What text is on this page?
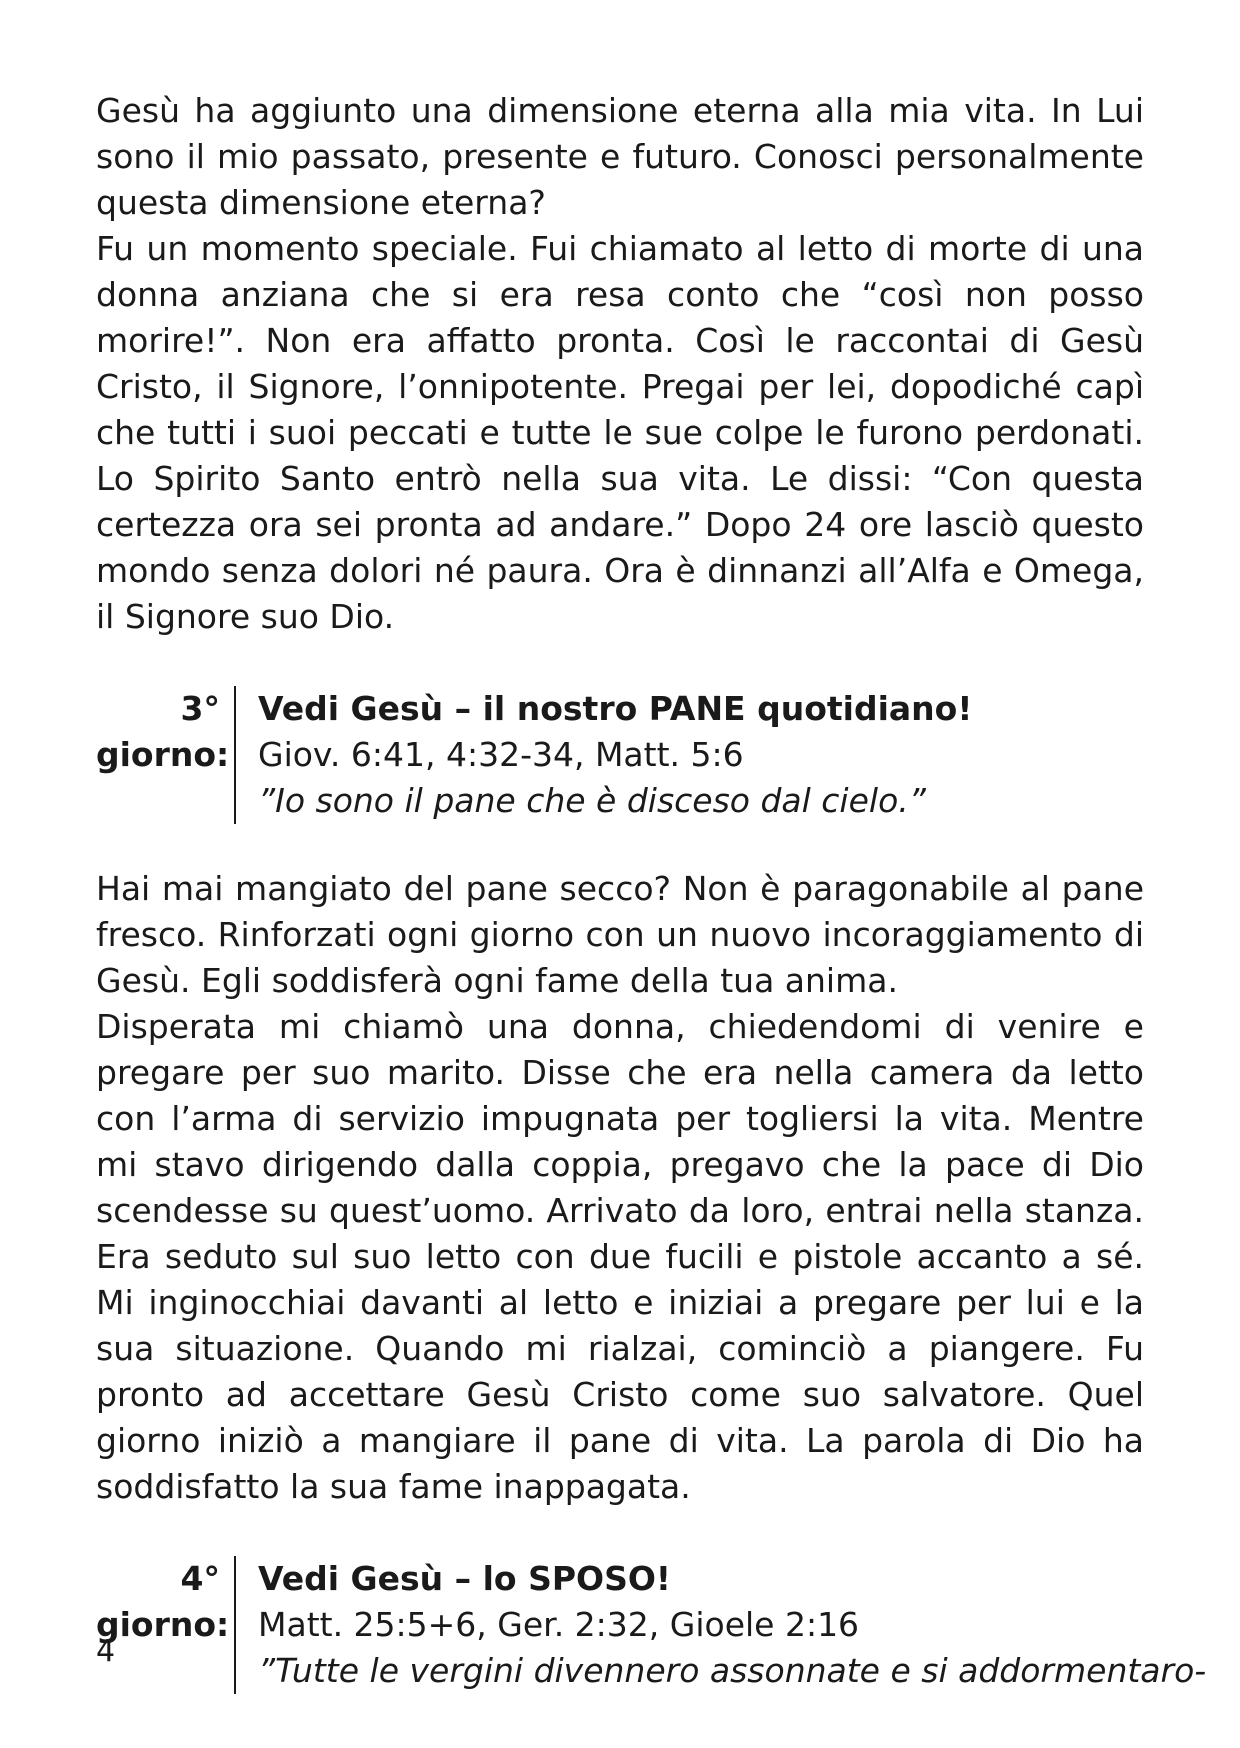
Gesù ha aggiunto una dimensione eterna alla mia vita. In Lui sono il mio passato, presente e futuro. Conosci personalmente questa dimensione eterna?

Fu un momento speciale. Fui chiamato al letto di morte di una donna anziana che si era resa conto che “così non posso morire!”. Non era affatto pronta. Così le raccontai di Gesù Cristo, il Signore, l’onnipotente. Pregai per lei, dopodiché capì che tutti i suoi peccati e tutte le sue colpe le furono perdonati. Lo Spirito Santo entrò nella sua vita. Le dissi: “Con questa certezza ora sei pronta ad andare.” Dopo 24 ore lasciò questo mondo senza dolori né paura. Ora è dinnanzi all’Alfa e Omega, il Signore suo Dio.

3°
giorno:
Vedi Gesù – il nostro PANE quotidiano!
Giov. 6:41, 4:32-34, Matt. 5:6
”Io sono il pane che è disceso dal cielo.”

Hai mai mangiato del pane secco? Non è paragonabile al pane fresco. Rinforzati ogni giorno con un nuovo incoraggiamento di Gesù. Egli soddisferà ogni fame della tua anima.

Disperata mi chiamò una donna, chiedendomi di venire e pregare per suo marito. Disse che era nella camera da letto con l’arma di servizio impugnata per togliersi la vita. Mentre mi stavo dirigendo dalla coppia, pregavo che la pace di Dio scendesse su quest’uomo. Arrivato da loro, entrai nella stanza. Era seduto sul suo letto con due fucili e pistole accanto a sé. Mi inginocchiai davanti al letto e iniziai a pregare per lui e la sua situazione. Quando mi rialzai, cominciò a piangere. Fu pronto ad accettare Gesù Cristo come suo salvatore. Quel giorno iniziò a mangiare il pane di vita. La parola di Dio ha soddisfatto la sua fame inappagata.

4°
giorno:
Vedi Gesù – lo SPOSO!
Matt. 25:5+6, Ger. 2:32, Gioele 2:16
”Tutte le vergini divennero assonnate e si addormentaro-
4
